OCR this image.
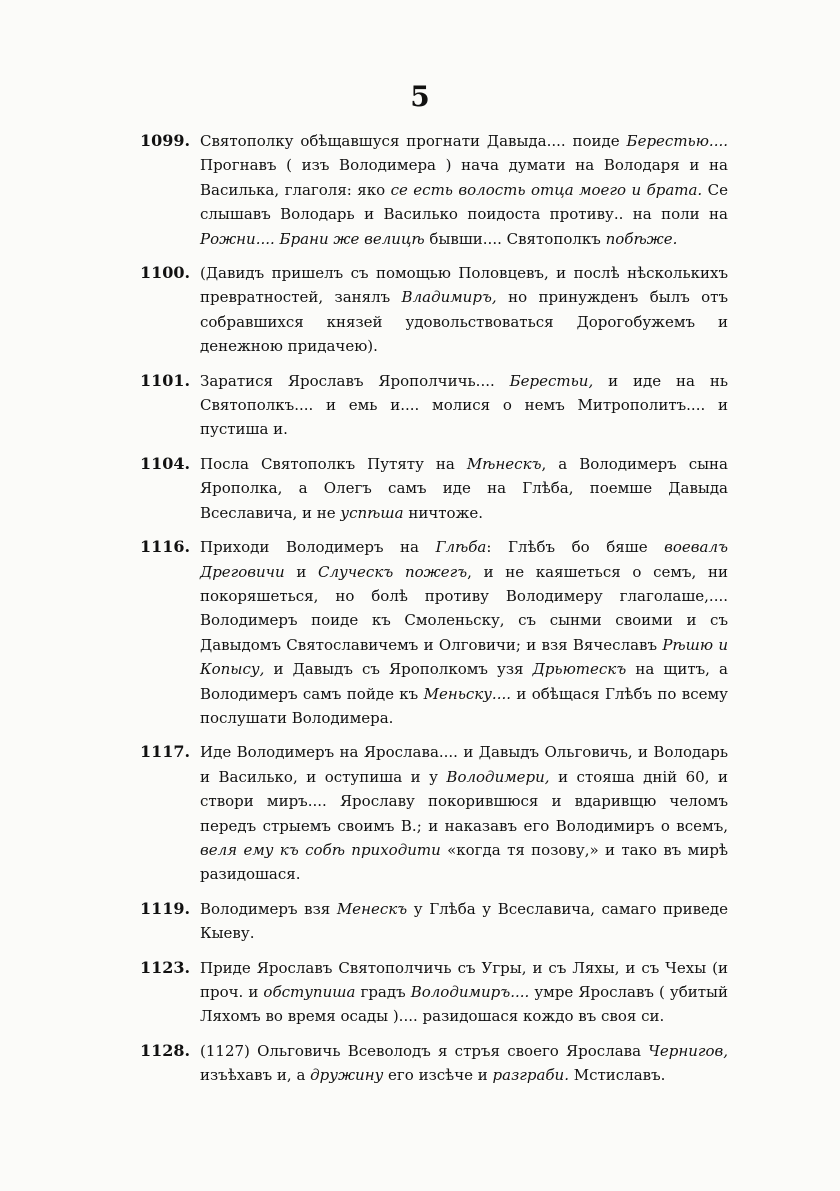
5
1099. Святополку обѣщавшуся прогнати Давыда.... поиде Берестью.... Прогнавъ ( изъ Володимера ) нача думати на Володаря и на Василька, глаголя: яко се есть волость отца моего и брата. Се слышавъ Володарь и Василько поидоста противу.. на поли на Рожни.... Брани же велицѣ бывши.... Святополкъ побѣже.
1100. (Давидъ пришелъ съ помощью Половцевъ, и послѣ нѣсколькихъ превратностей, занялъ Владимиръ, но принужденъ былъ отъ собравшихся князей удовольствоваться Дорогобужемъ и денежною придачею).
1101. Заратися Ярославъ Ярополчичь.... Берестьи, и иде на нь Святополкъ.... и емь и.... молися о немъ Митрополитъ.... и пустиша и.
1104. Посла Святополкъ Путяту на Мѣнескъ, а Володимеръ сына Ярополка, а Олегъ самъ иде на Глѣба, поемше Давыда Всеславича, и не успѣша ничтоже.
1116. Приходи Володимеръ на Глѣба: Глѣбъ бо бяше воевалъ Дреговичи и Случескъ пожегъ, и не каяшеться о семъ, ни покоряшеться, но болѣ противу Володимеру глаголаше,.... Володимеръ поиде къ Смоленьску, съ сынми своими и съ Давыдомъ Святославичемъ и Олговичи; и взя Вячеславъ Рѣшю и Копысу, и Давыдъ съ Ярополкомъ узя Дрьютескъ на щитъ, а Володимеръ самъ пойде къ Меньску.... и обѣщася Глѣбъ по всему послушати Володимера.
1117. Иде Володимеръ на Ярослава.... и Давыдъ Ольговичь, и Володарь и Василько, и оступиша и у Володимери, и стояша днiй 60, и створи миръ.... Ярославу покорившюся и вдаривщю челомъ передъ стрыемъ своимъ В.; и наказавъ его Володимиръ о всемъ, веля ему къ собѣ приходити «когда тя позову,» и тако въ мирѣ разидошася.
1119. Володимеръ взя Менескъ у Глѣба у Всеславича, самаго приведе Кыеву.
1123. Приде Ярославъ Святополчичь съ Угры, и съ Ляхы, и съ Чехы (и проч. и обступиша градъ Володимиръ.... умре Ярославъ ( убитый Ляхомъ во время осады ).... разидошася кождо въ своя си.
1128. (1127) Ольговичь Всеволодъ я стръя своего Ярослава Чернигов, изъѣхавъ и, а дружину его изсѣче и разграби. Мстиславъ.
